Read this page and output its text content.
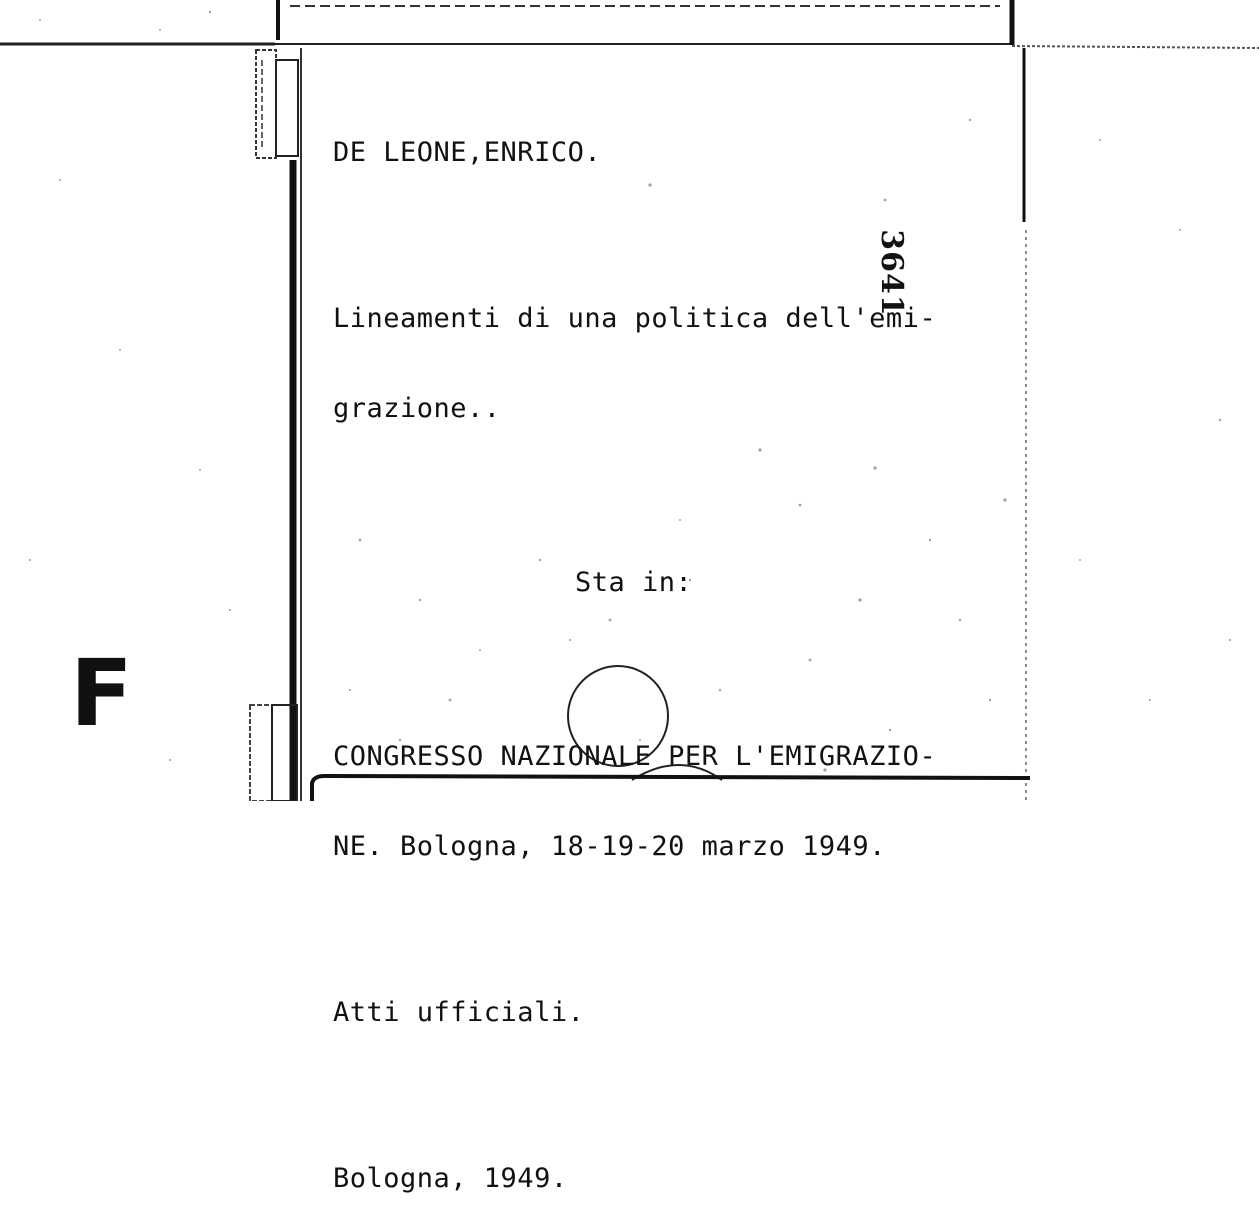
DE LEONE,ENRICO.

Lineamenti di una politica dell'emi-

grazione..

Sta in:

CONGRESSO NAZIONALE PER L'EMIGRAZIO-

NE. Bologna, 18-19-20 marzo 1949.

Atti ufficiali.

Bologna, 1949.

3641
F
